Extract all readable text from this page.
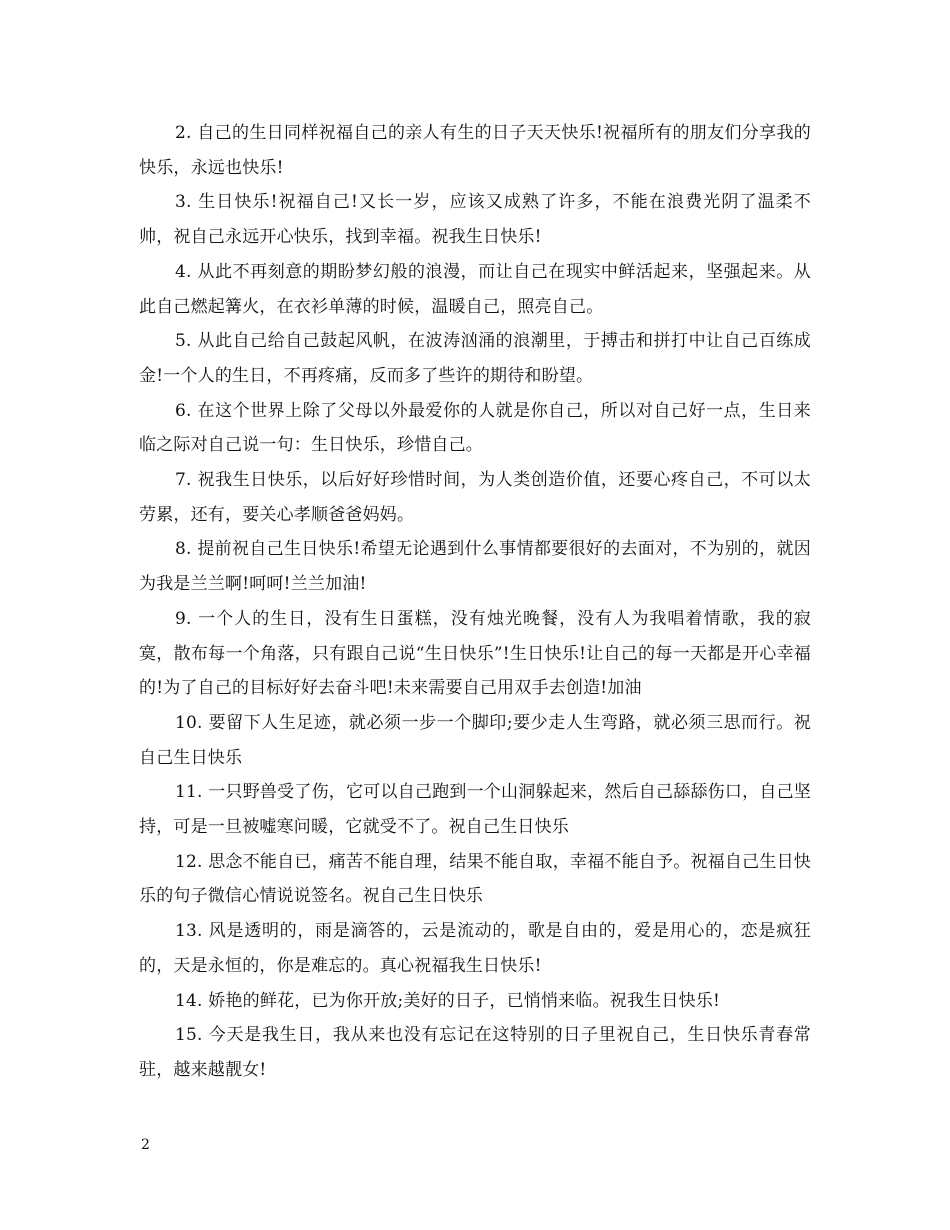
2. 自己的生日同样祝福自己的亲人有生的日子天天快乐!祝福所有的朋友们分享我的快乐，永远也快乐!

3. 生日快乐!祝福自己!又长一岁，应该又成熟了许多，不能在浪费光阴了温柔不帅，祝自己永远开心快乐，找到幸福。祝我生日快乐!

4. 从此不再刻意的期盼梦幻般的浪漫，而让自己在现实中鲜活起来，坚强起来。从此自己燃起篝火，在衣衫单薄的时候，温暖自己，照亮自己。

5. 从此自己给自己鼓起风帆，在波涛汹涌的浪潮里，于搏击和拼打中让自己百练成金!一个人的生日，不再疼痛，反而多了些许的期待和盼望。

6. 在这个世界上除了父母以外最爱你的人就是你自己，所以对自己好一点，生日来临之际对自己说一句：生日快乐，珍惜自己。

7. 祝我生日快乐，以后好好珍惜时间，为人类创造价值，还要心疼自己，不可以太劳累，还有，要关心孝顺爸爸妈妈。

8. 提前祝自己生日快乐!希望无论遇到什么事情都要很好的去面对，不为别的，就因为我是兰兰啊!呵呵!兰兰加油!

9. 一个人的生日，没有生日蛋糕，没有烛光晚餐，没有人为我唱着情歌，我的寂寞，散布每一个角落，只有跟自己说“生日快乐”!生日快乐!让自己的每一天都是开心幸福的!为了自己的目标好好去奋斗吧!未来需要自己用双手去创造!加油

10. 要留下人生足迹，就必须一步一个脚印;要少走人生弯路，就必须三思而行。祝自己生日快乐

11. 一只野兽受了伤，它可以自己跑到一个山洞躲起来，然后自己舔舔伤口，自己坚持，可是一旦被嘘寒问暖，它就受不了。祝自己生日快乐

12. 思念不能自已，痛苦不能自理，结果不能自取，幸福不能自予。祝福自己生日快乐的句子微信心情说说签名。祝自己生日快乐

13. 风是透明的，雨是滴答的，云是流动的，歌是自由的，爱是用心的，恋是疯狂的，天是永恒的，你是难忘的。真心祝福我生日快乐!

14. 娇艳的鲜花，已为你开放;美好的日子，已悄悄来临。祝我生日快乐!

15. 今天是我生日，我从来也没有忘记在这特别的日子里祝自己，生日快乐青春常驻，越来越靓女!

2
